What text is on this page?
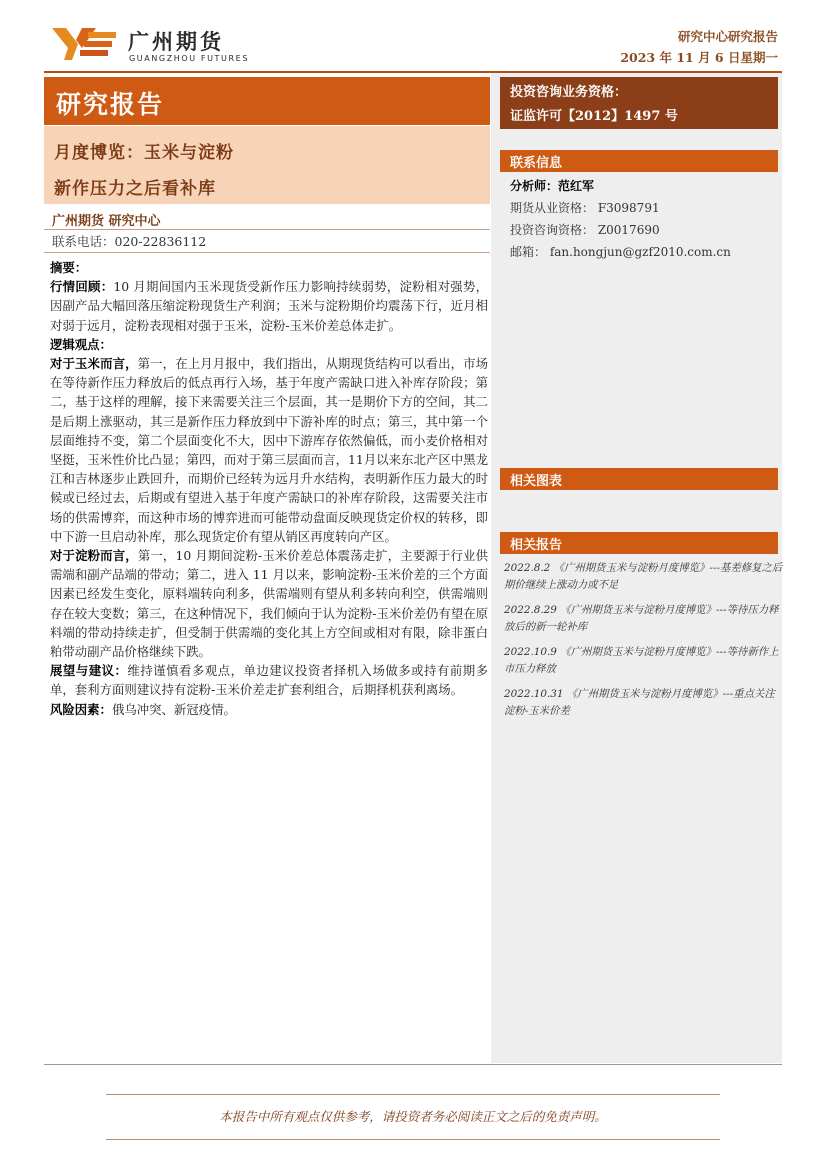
广州期货
GUANGZHOU FUTURES
研究中心研究报告
2023 年 11 月 6 日星期一
研究报告
月度博览：玉米与淀粉
新作压力之后看补库
广州期货 研究中心
联系电话：020-22836112

摘要：

行情回顾：10 月期间国内玉米现货受新作压力影响持续弱势，淀粉相对强势，因副产品大幅回落压缩淀粉现货生产利润；玉米与淀粉期价均震荡下行，近月相对弱于远月，淀粉表现相对强于玉米，淀粉-玉米价差总体走扩。

逻辑观点：

对于玉米而言，第一，在上月月报中，我们指出，从期现货结构可以看出，市场在等待新作压力释放后的低点再行入场，基于年度产需缺口进入补库存阶段；第二，基于这样的理解，接下来需要关注三个层面，其一是期价下方的空间，其二是后期上涨驱动，其三是新作压力释放到中下游补库的时点；第三，其中第一个层面维持不变，第二个层面变化不大，因中下游库存依然偏低，而小麦价格相对坚挺，玉米性价比凸显；第四，而对于第三层面而言，11月以来东北产区中黑龙江和吉林逐步止跌回升，而期价已经转为远月升水结构，表明新作压力最大的时候或已经过去，后期或有望进入基于年度产需缺口的补库存阶段，这需要关注市场的供需博弈，而这种市场的博弈进而可能带动盘面反映现货定价权的转移，即中下游一旦启动补库，那么现货定价有望从销区再度转向产区。

对于淀粉而言，第一，10 月期间淀粉-玉米价差总体震荡走扩，主要源于行业供需端和副产品端的带动；第二，进入 11 月以来，影响淀粉-玉米价差的三个方面因素已经发生变化，原料端转向利多，供需端则有望从利多转向利空，供需端则存在较大变数；第三，在这种情况下，我们倾向于认为淀粉-玉米价差仍有望在原料端的带动持续走扩，但受制于供需端的变化其上方空间或相对有限，除非蛋白粕带动副产品价格继续下跌。

展望与建议：维持谨慎看多观点，单边建议投资者择机入场做多或持有前期多单，套利方面则建议持有淀粉-玉米价差走扩套利组合，后期择机获利离场。

风险因素：俄乌冲突、新冠疫情。

投资咨询业务资格：
证监许可【2012】1497 号
联系信息
分析师：范红军
期货从业资格： F3098791
投资咨询资格： Z0017690
邮箱： fan.hongjun@gzf2010.com.cn
相关图表
相关报告
2022.8.2 《广州期货玉米与淀粉月度博览》---基差修复之后期价继续上涨动力或不足
2022.8.29 《广州期货玉米与淀粉月度博览》---等待压力释放后的新一轮补库
2022.10.9 《广州期货玉米与淀粉月度博览》---等待新作上市压力释放
2022.10.31 《广州期货玉米与淀粉月度博览》---重点关注淀粉-玉米价差
本报告中所有观点仅供参考，请投资者务必阅读正文之后的免责声明。
